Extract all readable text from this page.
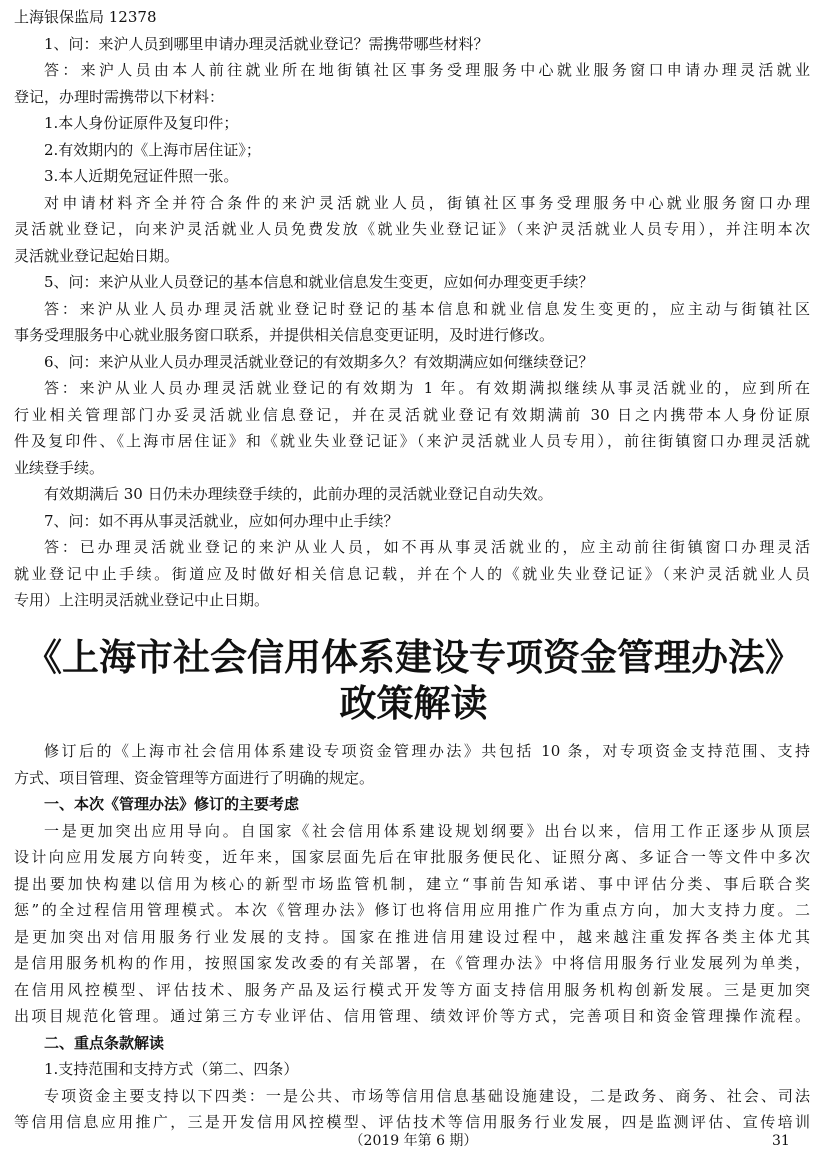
上海银保监局 12378

1、问：来沪人员到哪里申请办理灵活就业登记？需携带哪些材料？

答：来沪人员由本人前往就业所在地街镇社区事务受理服务中心就业服务窗口申请办理灵活就业

登记，办理时需携带以下材料：

1.本人身份证原件及复印件；

2.有效期内的《上海市居住证》；

3.本人近期免冠证件照一张。

对申请材料齐全并符合条件的来沪灵活就业人员，街镇社区事务受理服务中心就业服务窗口办理

灵活就业登记，向来沪灵活就业人员免费发放《就业失业登记证》（来沪灵活就业人员专用），并注明本次

灵活就业登记起始日期。

5、问：来沪从业人员登记的基本信息和就业信息发生变更，应如何办理变更手续？

答：来沪从业人员办理灵活就业登记时登记的基本信息和就业信息发生变更的，应主动与街镇社区

事务受理服务中心就业服务窗口联系，并提供相关信息变更证明，及时进行修改。

6、问：来沪从业人员办理灵活就业登记的有效期多久？有效期满应如何继续登记？

答：来沪从业人员办理灵活就业登记的有效期为 1 年。有效期满拟继续从事灵活就业的，应到所在

行业相关管理部门办妥灵活就业信息登记，并在灵活就业登记有效期满前 30 日之内携带本人身份证原

件及复印件、《上海市居住证》和《就业失业登记证》（来沪灵活就业人员专用），前往街镇窗口办理灵活就

业续登手续。

有效期满后 30 日仍未办理续登手续的，此前办理的灵活就业登记自动失效。

7、问：如不再从事灵活就业，应如何办理中止手续？

答：已办理灵活就业登记的来沪从业人员，如不再从事灵活就业的，应主动前往街镇窗口办理灵活

就业登记中止手续。街道应及时做好相关信息记载，并在个人的《就业失业登记证》（来沪灵活就业人员

专用）上注明灵活就业登记中止日期。

《上海市社会信用体系建设专项资金管理办法》
政策解读

修订后的《上海市社会信用体系建设专项资金管理办法》共包括 10 条，对专项资金支持范围、支持

方式、项目管理、资金管理等方面进行了明确的规定。

一、本次《管理办法》修订的主要考虑

一是更加突出应用导向。自国家《社会信用体系建设规划纲要》出台以来，信用工作正逐步从顶层

设计向应用发展方向转变，近年来，国家层面先后在审批服务便民化、证照分离、多证合一等文件中多次

提出要加快构建以信用为核心的新型市场监管机制，建立“事前告知承诺、事中评估分类、事后联合奖

惩”的全过程信用管理模式。本次《管理办法》修订也将信用应用推广作为重点方向，加大支持力度。二

是更加突出对信用服务行业发展的支持。国家在推进信用建设过程中，越来越注重发挥各类主体尤其

是信用服务机构的作用，按照国家发改委的有关部署，在《管理办法》中将信用服务行业发展列为单类，

在信用风控模型、评估技术、服务产品及运行模式开发等方面支持信用服务机构创新发展。三是更加突

出项目规范化管理。通过第三方专业评估、信用管理、绩效评价等方式，完善项目和资金管理操作流程。

二、重点条款解读

1.支持范围和支持方式（第二、四条）

专项资金主要支持以下四类：一是公共、市场等信用信息基础设施建设，二是政务、商务、社会、司法

等信用信息应用推广，三是开发信用风控模型、评估技术等信用服务行业发展，四是监测评估、宣传培训

（2019 年第 6 期）	31
